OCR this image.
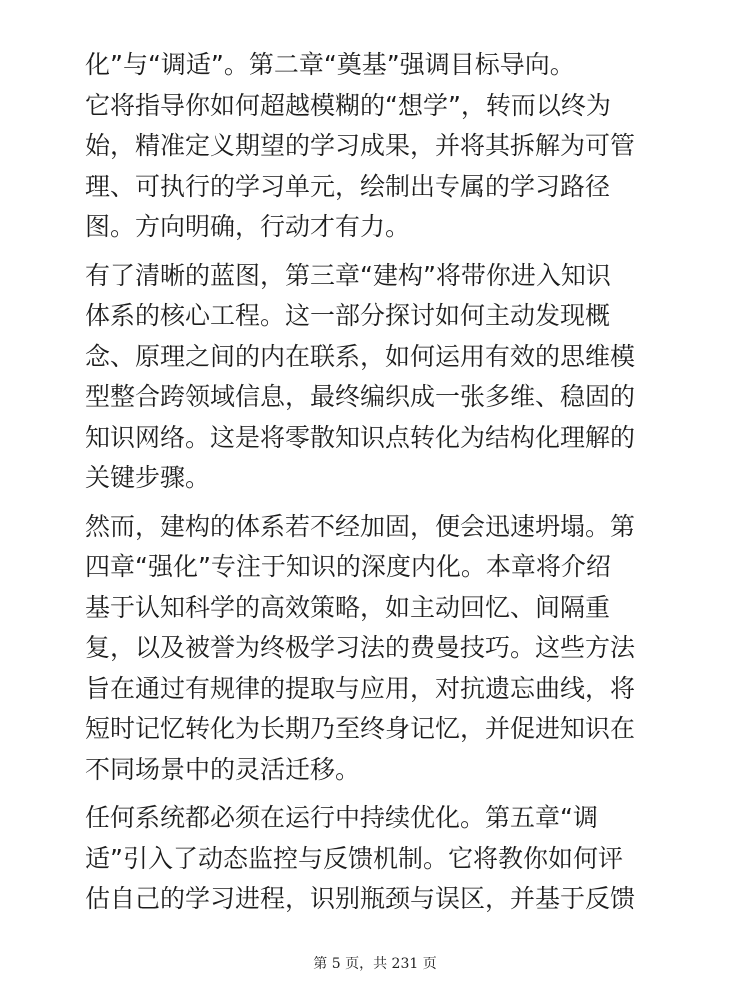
化”与“调适”。第二章“奠基”强调目标导向。
它将指导你如何超越模糊的“想学”，转而以终为
始，精准定义期望的学习成果，并将其拆解为可管
理、可执行的学习单元，绘制出专属的学习路径
图。方向明确，行动才有力。
有了清晰的蓝图，第三章“建构”将带你进入知识
体系的核心工程。这一部分探讨如何主动发现概
念、原理之间的内在联系，如何运用有效的思维模
型整合跨领域信息，最终编织成一张多维、稳固的
知识网络。这是将零散知识点转化为结构化理解的
关键步骤。
然而，建构的体系若不经加固，便会迅速坍塌。第
四章“强化”专注于知识的深度内化。本章将介绍
基于认知科学的高效策略，如主动回忆、间隔重
复，以及被誉为终极学习法的费曼技巧。这些方法
旨在通过有规律的提取与应用，对抗遗忘曲线，将
短时记忆转化为长期乃至终身记忆，并促进知识在
不同场景中的灵活迁移。
任何系统都必须在运行中持续优化。第五章“调
适”引入了动态监控与反馈机制。它将教你如何评
估自己的学习进程，识别瓶颈与误区，并基于反馈
第 5 页，共 231 页
